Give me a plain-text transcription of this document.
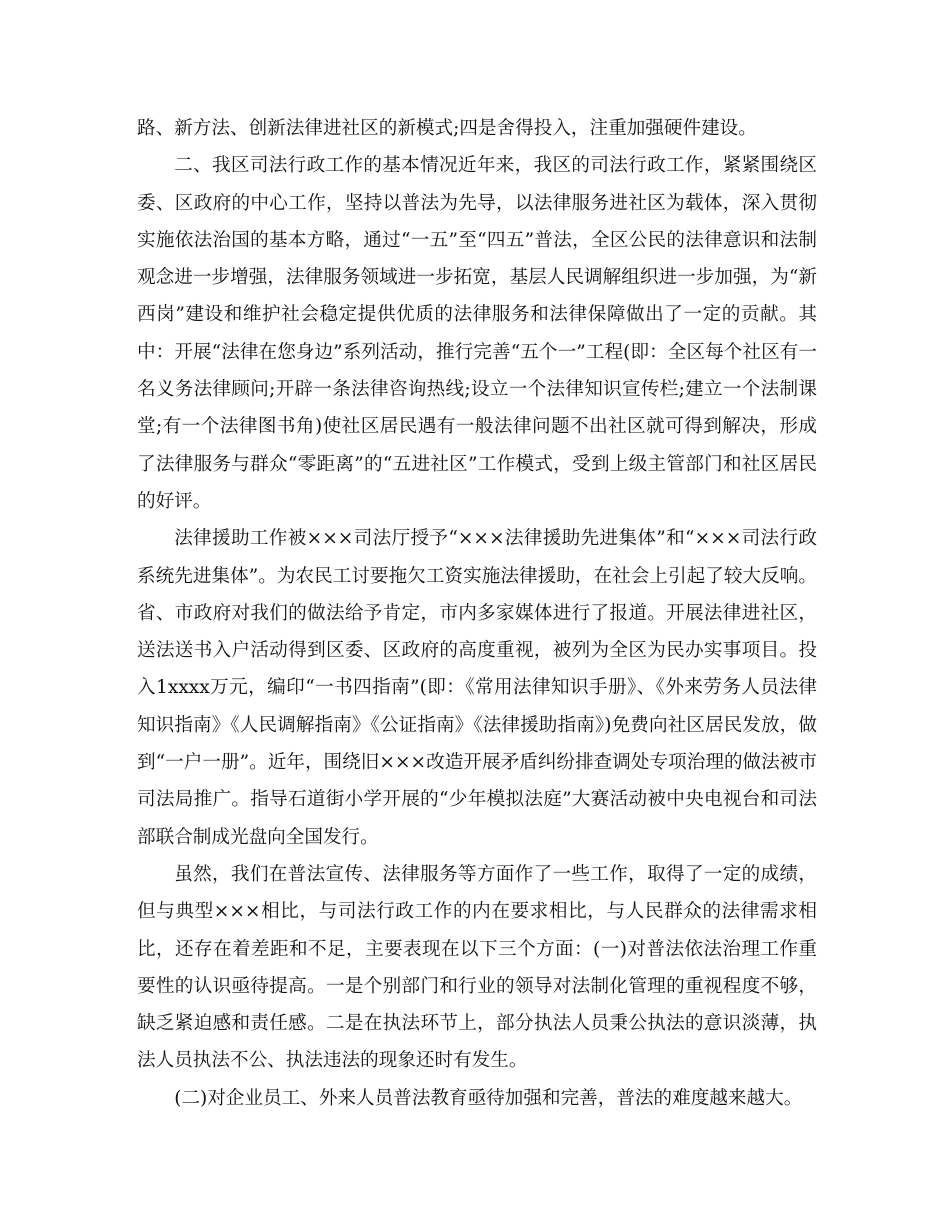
路、新方法、创新法律进社区的新模式;四是舍得投入，注重加强硬件建设。

二、我区司法行政工作的基本情况近年来，我区的司法行政工作，紧紧围绕区委、区政府的中心工作，坚持以普法为先导，以法律服务进社区为载体，深入贯彻实施依法治国的基本方略，通过“一五”至“四五”普法，全区公民的法律意识和法制观念进一步增强，法律服务领域进一步拓宽，基层人民调解组织进一步加强，为“新西岗”建设和维护社会稳定提供优质的法律服务和法律保障做出了一定的贡献。其中：开展“法律在您身边”系列活动，推行完善“五个一”工程(即：全区每个社区有一名义务法律顾问;开辟一条法律咨询热线;设立一个法律知识宣传栏;建立一个法制课堂;有一个法律图书角)使社区居民遇有一般法律问题不出社区就可得到解决，形成了法律服务与群众“零距离”的“五进社区”工作模式，受到上级主管部门和社区居民的好评。

法律援助工作被×××司法厅授予“×××法律援助先进集体”和“×××司法行政系统先进集体”。为农民工讨要拖欠工资实施法律援助，在社会上引起了较大反响。省、市政府对我们的做法给予肯定，市内多家媒体进行了报道。开展法律进社区，送法送书入户活动得到区委、区政府的高度重视，被列为全区为民办实事项目。投入1xxxx万元，编印“一书四指南”(即：《常用法律知识手册》、《外来劳务人员法律知识指南》《人民调解指南》《公证指南》《法律援助指南》)免费向社区居民发放，做到“一户一册”。近年，围绕旧×××改造开展矛盾纠纷排查调处专项治理的做法被市司法局推广。指导石道街小学开展的“少年模拟法庭”大赛活动被中央电视台和司法部联合制成光盘向全国发行。

虽然，我们在普法宣传、法律服务等方面作了一些工作，取得了一定的成绩，但与典型×××相比，与司法行政工作的内在要求相比，与人民群众的法律需求相比，还存在着差距和不足，主要表现在以下三个方面：(一)对普法依法治理工作重要性的认识亟待提高。一是个别部门和行业的领导对法制化管理的重视程度不够，缺乏紧迫感和责任感。二是在执法环节上，部分执法人员秉公执法的意识淡薄，执法人员执法不公、执法违法的现象还时有发生。

(二)对企业员工、外来人员普法教育亟待加强和完善，普法的难度越来越大。
